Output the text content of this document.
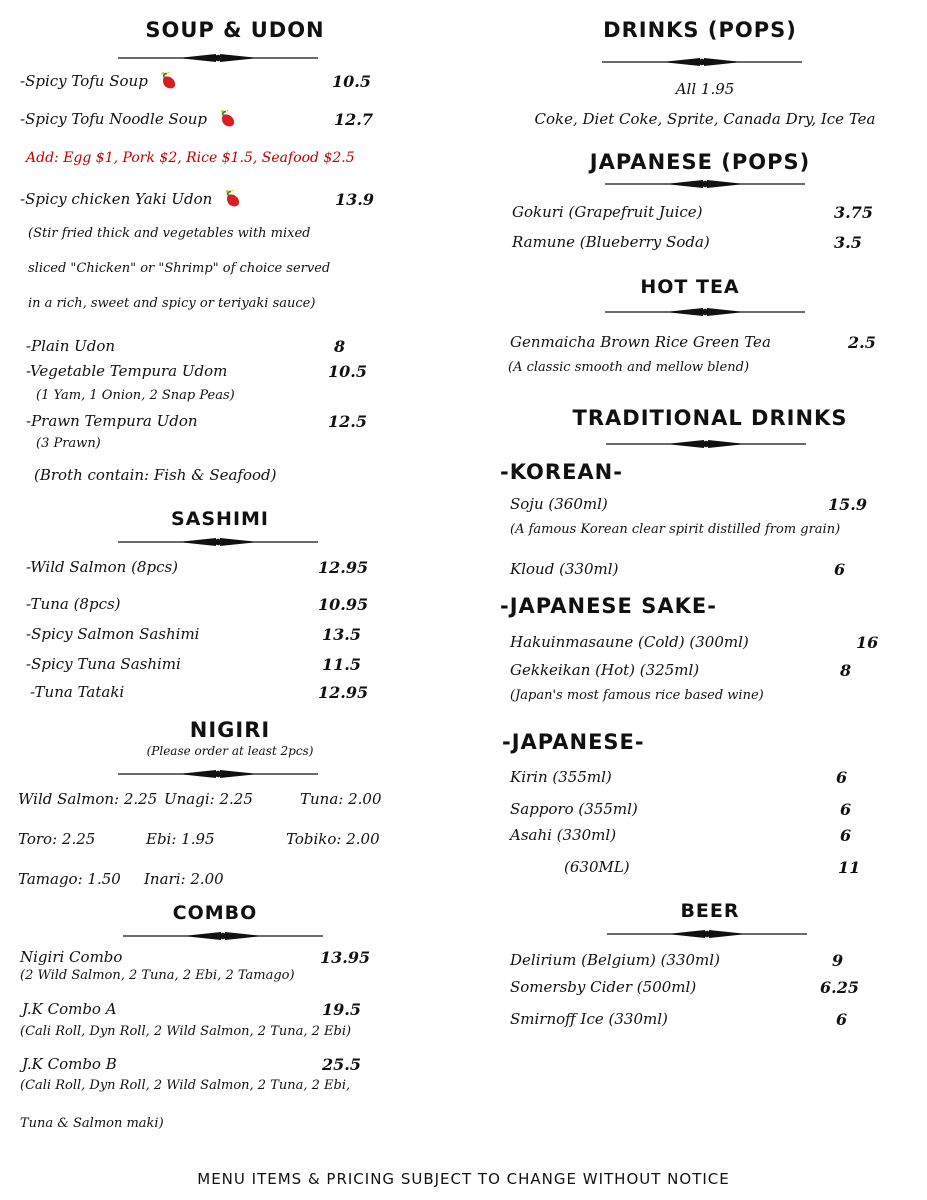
SOUP & UDON
-Spicy Tofu Soup	10.5
-Spicy Tofu Noodle Soup	12.7
Add: Egg $1, Pork $2, Rice $1.5, Seafood $2.5
-Spicy chicken Yaki Udon	13.9
(Stir fried thick and vegetables with mixed
sliced "Chicken" or "Shrimp" of choice served
in a rich, sweet and spicy or teriyaki sauce)
-Plain Udon	8
-Vegetable Tempura Udom	10.5
(1 Yam, 1 Onion, 2 Snap Peas)
-Prawn Tempura Udon	12.5
(3 Prawn)
(Broth contain: Fish & Seafood)
SASHIMI
-Wild Salmon (8pcs)	12.95
-Tuna (8pcs)	10.95
-Spicy Salmon Sashimi	13.5
-Spicy Tuna Sashimi	11.5
-Tuna Tataki	12.95
NIGIRI
(Please order at least 2pcs)
Wild Salmon: 2.25 Unagi: 2.25	Tuna: 2.00
Toro: 2.25	Ebi: 1.95	Tobiko: 2.00
Tamago: 1.50 Inari: 2.00
COMBO
Nigiri Combo	13.95
(2 Wild Salmon, 2 Tuna, 2 Ebi, 2 Tamago)
J.K Combo A	19.5
(Cali Roll, Dyn Roll, 2 Wild Salmon, 2 Tuna, 2 Ebi)
J.K Combo B	25.5
(Cali Roll, Dyn Roll, 2 Wild Salmon, 2 Tuna, 2 Ebi,
Tuna & Salmon maki)
DRINKS (POPS)
All 1.95
Coke, Diet Coke, Sprite, Canada Dry, Ice Tea
JAPANESE (POPS)
Gokuri (Grapefruit Juice)	3.75
Ramune (Blueberry Soda)	3.5
HOT TEA
Genmaicha Brown Rice Green Tea	2.5
(A classic smooth and mellow blend)
TRADITIONAL DRINKS
-KOREAN-
Soju (360ml)	15.9
(A famous Korean clear spirit distilled from grain)
Kloud (330ml)	6
-JAPANESE SAKE-
Hakuinmasaune (Cold) (300ml)	16
Gekkeikan (Hot) (325ml)	8
(Japan's most famous rice based wine)
-JAPANESE-
Kirin (355ml)	6
Sapporo (355ml)	6
Asahi (330ml)	6
(630ML)	11
BEER
Delirium (Belgium) (330ml)	9
Somersby Cider (500ml)	6.25
Smirnoff Ice (330ml)	6
MENU ITEMS & PRICING SUBJECT TO CHANGE WITHOUT NOTICE
